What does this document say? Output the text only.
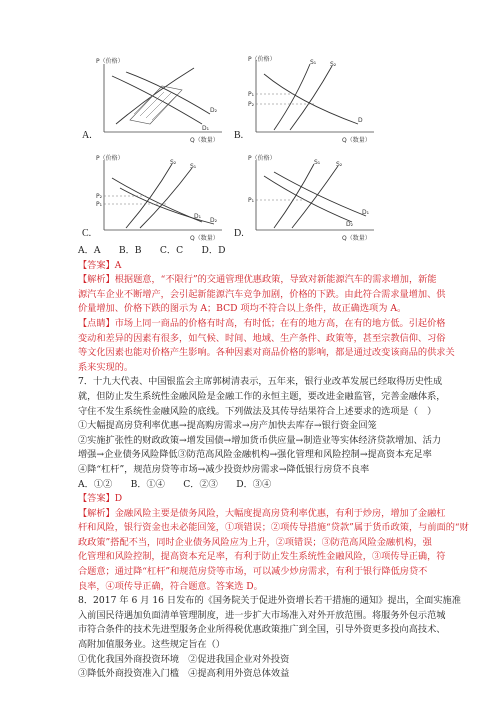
P（价格）
Q（数量）
D₁
D₂
A.
P（价格）
Q（数量）
S₁ S₂
P₁
P₂
D
B.
P（价格）
Q（数量）
S₂
S₁
D₁
D₂
P₂
P₁
C.
P（价格）
Q（数量）
S₁	S₂
D₂
D₁
P₁
D.
A．A　　B．B　　C．C　　D．D
【答案】A
【解析】根据题意，“不限行”的交通管理优惠政策，导致对新能源汽车的需求增加，新能
源汽车企业不断增产，会引起新能源汽车竞争加剧，价格的下跌。由此符合需求量增加、供
价量增加、价格下跌的图示为 A；BCD 项均不符合以上条件，故正确选项为 A。
【点睛】市场上同一商品的价格有时高，有时低；在有的地方高，在有的地方低。引起价格
变动和差异的因素有很多，如气候、时间、地域、生产条件、政策等，甚至宗教信仰、习俗
等文化因素也能对价格产生影响。各种因素对商品价格的影响，都是通过改变该商品的供求关
系来实现的。
7．十九大代表、中国银监会主席郭树清表示，五年来，银行业改革发展已经取得历史性成
就，但防止发生系统性金融风险是金融工作的永恒主题，要改进金融监管，完善金融体系，
守住不发生系统性金融风险的底线。下列做法及其传导结果符合上述要求的选项是（　）
①大幅提高房贷利率优惠→提高购房需求→房产加快去库存→银行资金回笼
②实施扩张性的财政政策→增发国债→增加货币供应量→制造业等实体经济贷款增加、活力
增强→企业债务风险降低③防范高风险金融机构→强化管理和风险控制→提高资本充足率
④降“杠杆”，规范房贷等市场→减少投资炒房需求→降低银行房贷不良率
A．①②　　B．①④　　C．②③　　D．③④
【答案】D
【解析】金融风险主要是债务风险，大幅度提高房贷利率优惠，有利于炒房，增加了金融杠
杆和风险，银行资金也未必能回笼，①项错误；②项传导措施“贷款”属于货币政策，与前面的“财
政政策”搭配不当，同时企业债务风险应为上升，②项错误；③防范高风险金融机构，强
化管理和风险控制，提高资本充足率，有利于防止发生系统性金融风险，③项传导正确，符
合题意；通过降“杠杆”和规范房贷等市场，可以减少炒房需求，有利于银行降低房贷不
良率，④项传导正确，符合题意。答案选 D。
8．2017 年 6 月 16 日发布的《国务院关于促进外资增长若干措施的通知》提出，全面实施准
入前国民待遇加负面清单管理制度，进一步扩大市场准入对外开放范围。将服务外包示范城
市符合条件的技术先进型服务企业所得税优惠政策推广到全国，引导外资更多投向高技术、
高附加值服务业。这些规定旨在（）
①优化我国外商投资环境　②促进我国企业对外投资
③降低外商投资准入门槛　④提高利用外资总体效益
